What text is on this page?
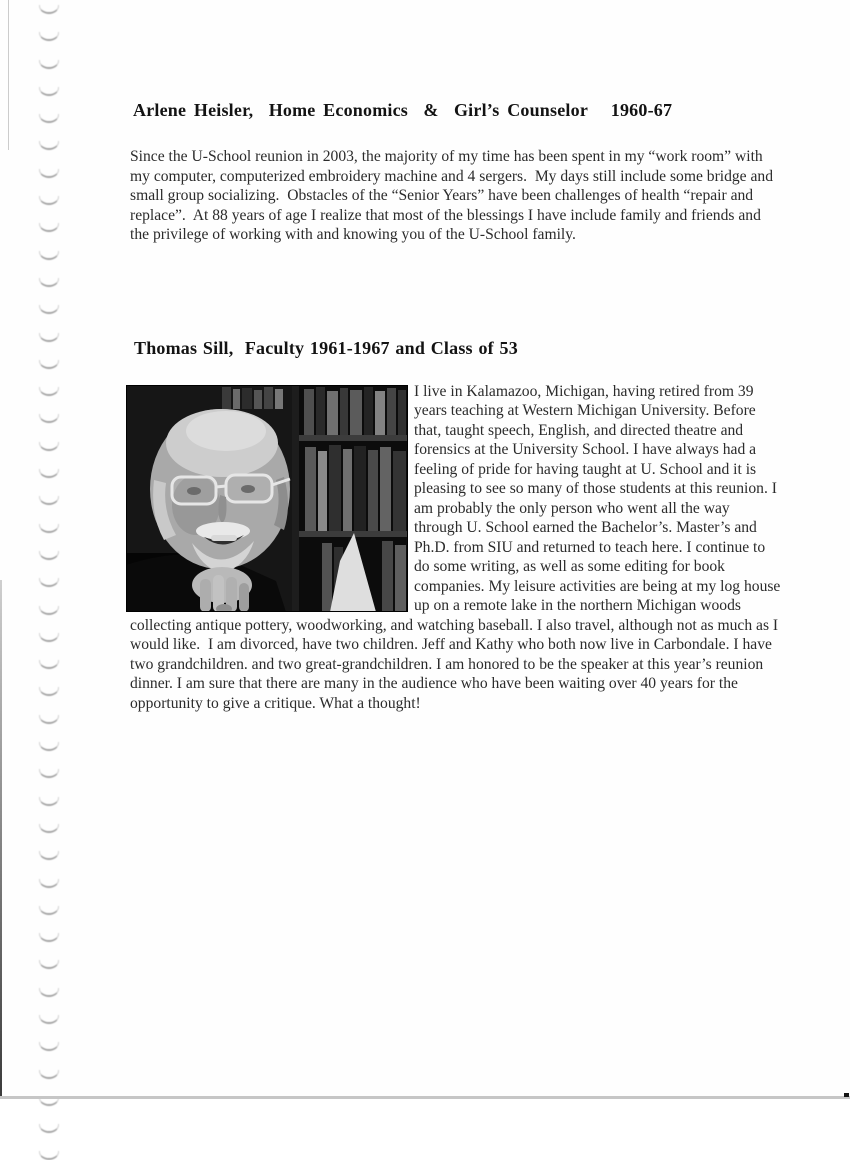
Arlene Heisler,  Home Economics  &  Girl’s Counselor   1960-67

Since the U-School reunion in 2003, the majority of my time has been spent in my “work room” with my computer, computerized embroidery machine and 4 sergers.  My days still include some bridge and small group socializing.  Obstacles of the “Senior Years” have been challenges of health “repair and replace”.  At 88 years of age I realize that most of the blessings I have include family and friends and the privilege of working with and knowing you of the U-School family.

Thomas Sill,  Faculty 1961-1967 and Class of 53

I live in Kalamazoo, Michigan, having retired from 39 years teaching at Western Michigan University. Before that, taught speech, English, and directed theatre and forensics at the University School. I have always had a feeling of pride for having taught at U. School and it is pleasing to see so many of those students at this reunion. I am probably the only person who went all the way through U. School earned the Bachelor’s. Master’s and Ph.D. from SIU and returned to teach here. I continue to do some writing, as well as some editing for book companies. My leisure activities are being at my log house up on a remote lake in the northern Michigan woods collecting antique pottery, woodworking, and watching baseball. I also travel, although not as much as I would like.  I am divorced, have two children. Jeff and Kathy who both now live in Carbondale. I have two grandchildren. and two great-grandchildren. I am honored to be the speaker at this year’s reunion dinner. I am sure that there are many in the audience who have been waiting over 40 years for the opportunity to give a critique. What a thought!
